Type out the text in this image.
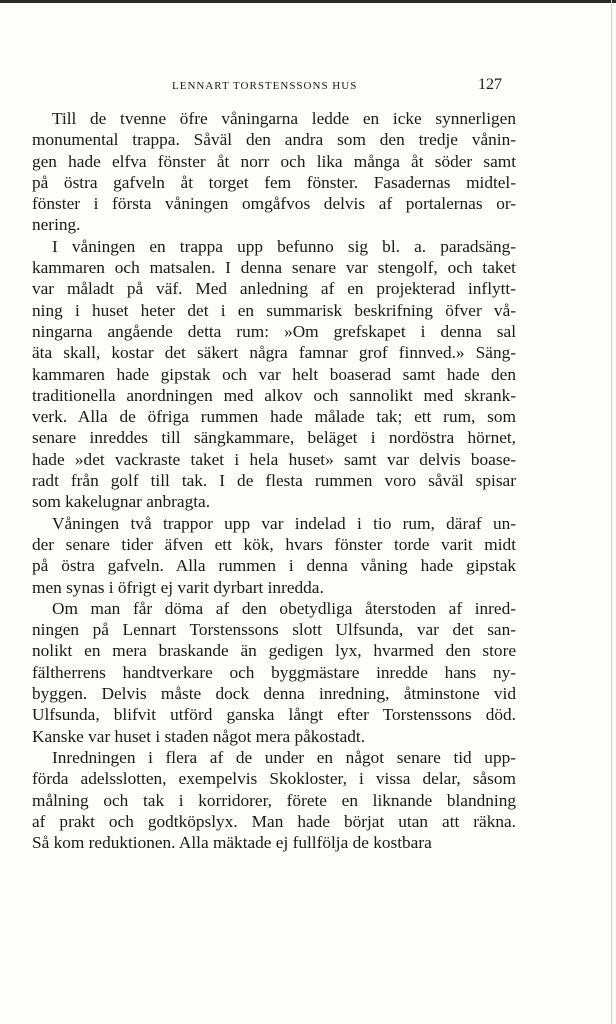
LENNART TORSTENSSONS HUS	127

Till de tvenne öfre våningarna ledde en icke synnerligen

monumental trappa. Såväl den andra som den tredje vånin-

gen hade elfva fönster åt norr och lika många åt söder samt

på östra gafveln åt torget fem fönster. Fasadernas midtel-

fönster i första våningen omgåfvos delvis af portalernas or-

nering.

I våningen en trappa upp befunno sig bl. a. paradsäng-

kammaren och matsalen. I denna senare var stengolf, och taket

var måladt på väf. Med anledning af en projekterad inflytt-

ning i huset heter det i en summarisk beskrifning öfver vå-

ningarna angående detta rum: »Om grefskapet i denna sal

äta skall, kostar det säkert några famnar grof finnved.» Säng-

kammaren hade gipstak och var helt boaserad samt hade den

traditionella anordningen med alkov och sannolikt med skrank-

verk. Alla de öfriga rummen hade målade tak; ett rum, som

senare inreddes till sängkammare, beläget i nordöstra hörnet,

hade »det vackraste taket i hela huset» samt var delvis boase-

radt från golf till tak. I de flesta rummen voro såväl spisar

som kakelugnar anbragta.

Våningen två trappor upp var indelad i tio rum, däraf un-

der senare tider äfven ett kök, hvars fönster torde varit midt

på östra gafveln. Alla rummen i denna våning hade gipstak

men synas i öfrigt ej varit dyrbart inredda.

Om man får döma af den obetydliga återstoden af inred-

ningen på Lennart Torstenssons slott Ulfsunda, var det san-

nolikt en mera braskande än gedigen lyx, hvarmed den store

fältherrens handtverkare och byggmästare inredde hans ny-

byggen. Delvis måste dock denna inredning, åtminstone vid

Ulfsunda, blifvit utförd ganska långt efter Torstenssons död.

Kanske var huset i staden något mera påkostadt.

Inredningen i flera af de under en något senare tid upp-

förda adelsslotten, exempelvis Skokloster, i vissa delar, såsom

målning och tak i korridorer, förete en liknande blandning

af prakt och godtköpslyx. Man hade börjat utan att räkna.

Så kom reduktionen. Alla mäktade ej fullfölja de kostbara
